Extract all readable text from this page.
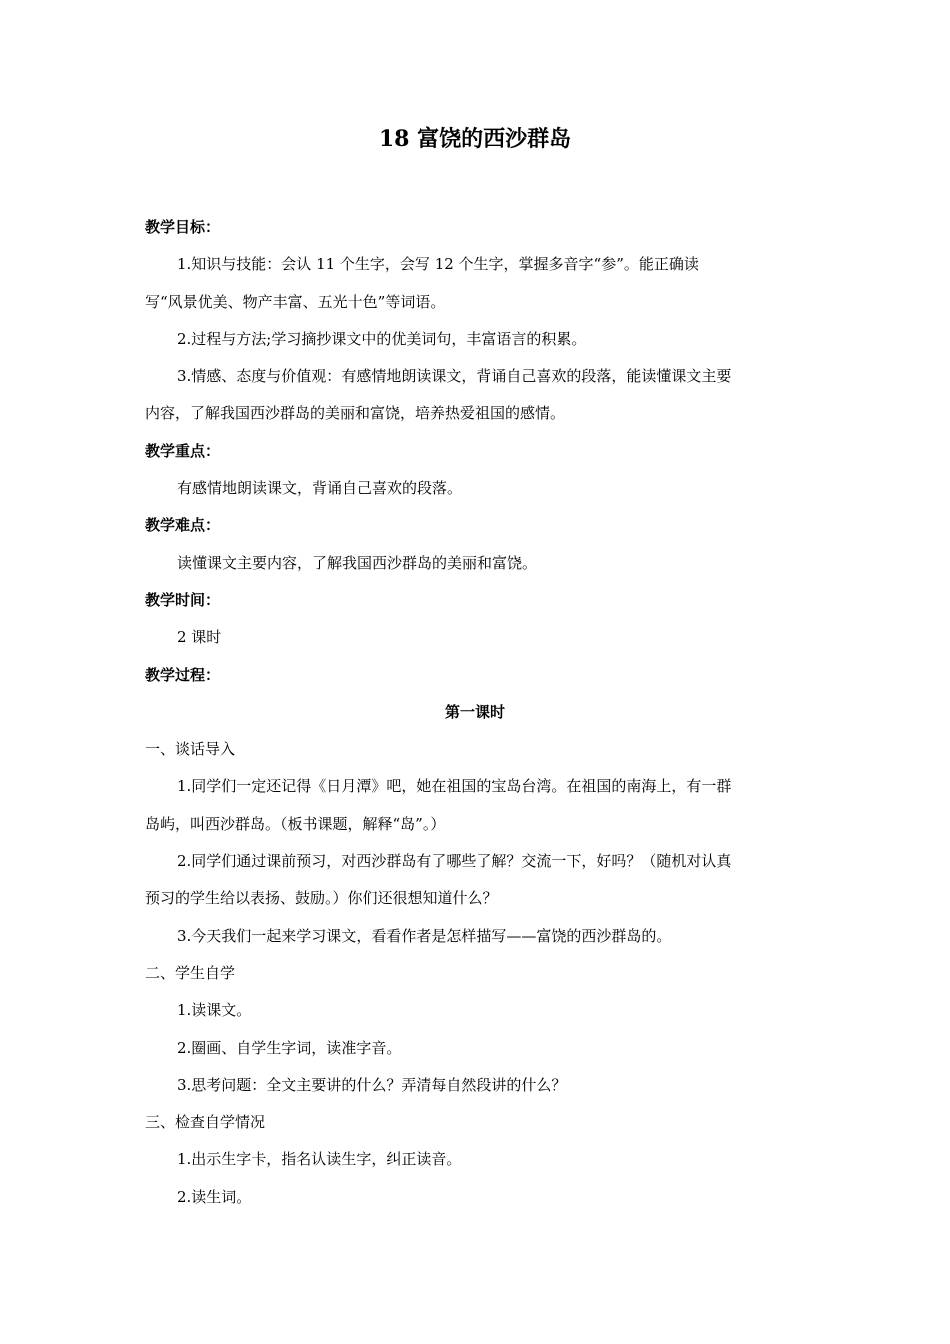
18 富饶的西沙群岛
教学目标：
1.知识与技能：会认 11 个生字，会写 12 个生字，掌握多音字“参”。能正确读
写“风景优美、物产丰富、五光十色”等词语。
2.过程与方法;学习摘抄课文中的优美词句，丰富语言的积累。
3.情感、态度与价值观：有感情地朗读课文，背诵自己喜欢的段落，能读懂课文主要
内容，了解我国西沙群岛的美丽和富饶，培养热爱祖国的感情。
教学重点：
有感情地朗读课文，背诵自己喜欢的段落。
教学难点：
读懂课文主要内容，了解我国西沙群岛的美丽和富饶。
教学时间：
2 课时
教学过程：
第一课时
一、谈话导入
1.同学们一定还记得《日月潭》吧，她在祖国的宝岛台湾。在祖国的南海上，有一群
岛屿，叫西沙群岛。（板书课题，解释“岛”。）
2.同学们通过课前预习，对西沙群岛有了哪些了解？交流一下，好吗？（随机对认真
预习的学生给以表扬、鼓励。）你们还很想知道什么？
3.今天我们一起来学习课文，看看作者是怎样描写——富饶的西沙群岛的。
二、学生自学
1.读课文。
2.圈画、自学生字词，读准字音。
3.思考问题：全文主要讲的什么？弄清每自然段讲的什么？
三、检查自学情况
1.出示生字卡，指名认读生字，纠正读音。
2.读生词。
